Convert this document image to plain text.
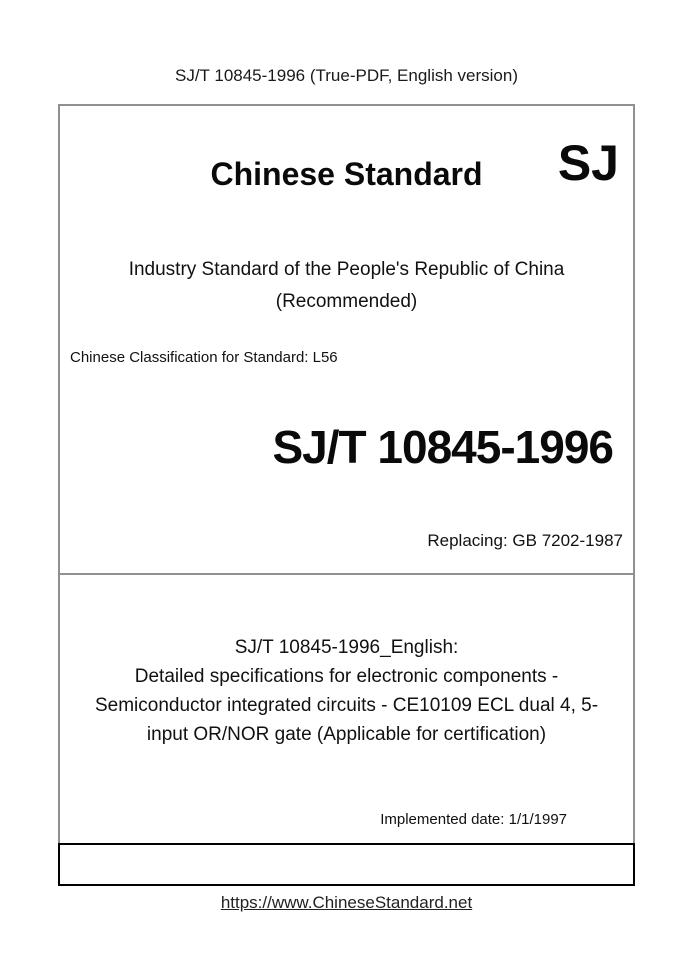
SJ/T 10845-1996 (True-PDF, English version)
Chinese Standard	SJ
Industry Standard of the People's Republic of China
(Recommended)
Chinese Classification for Standard: L56
SJ/T 10845-1996
Replacing: GB 7202-1987
SJ/T 10845-1996_English:
Detailed specifications for electronic components -
Semiconductor integrated circuits - CE10109 ECL dual 4, 5-
input OR/NOR gate (Applicable for certification)
Implemented date: 1/1/1997
https://www.ChineseStandard.net
